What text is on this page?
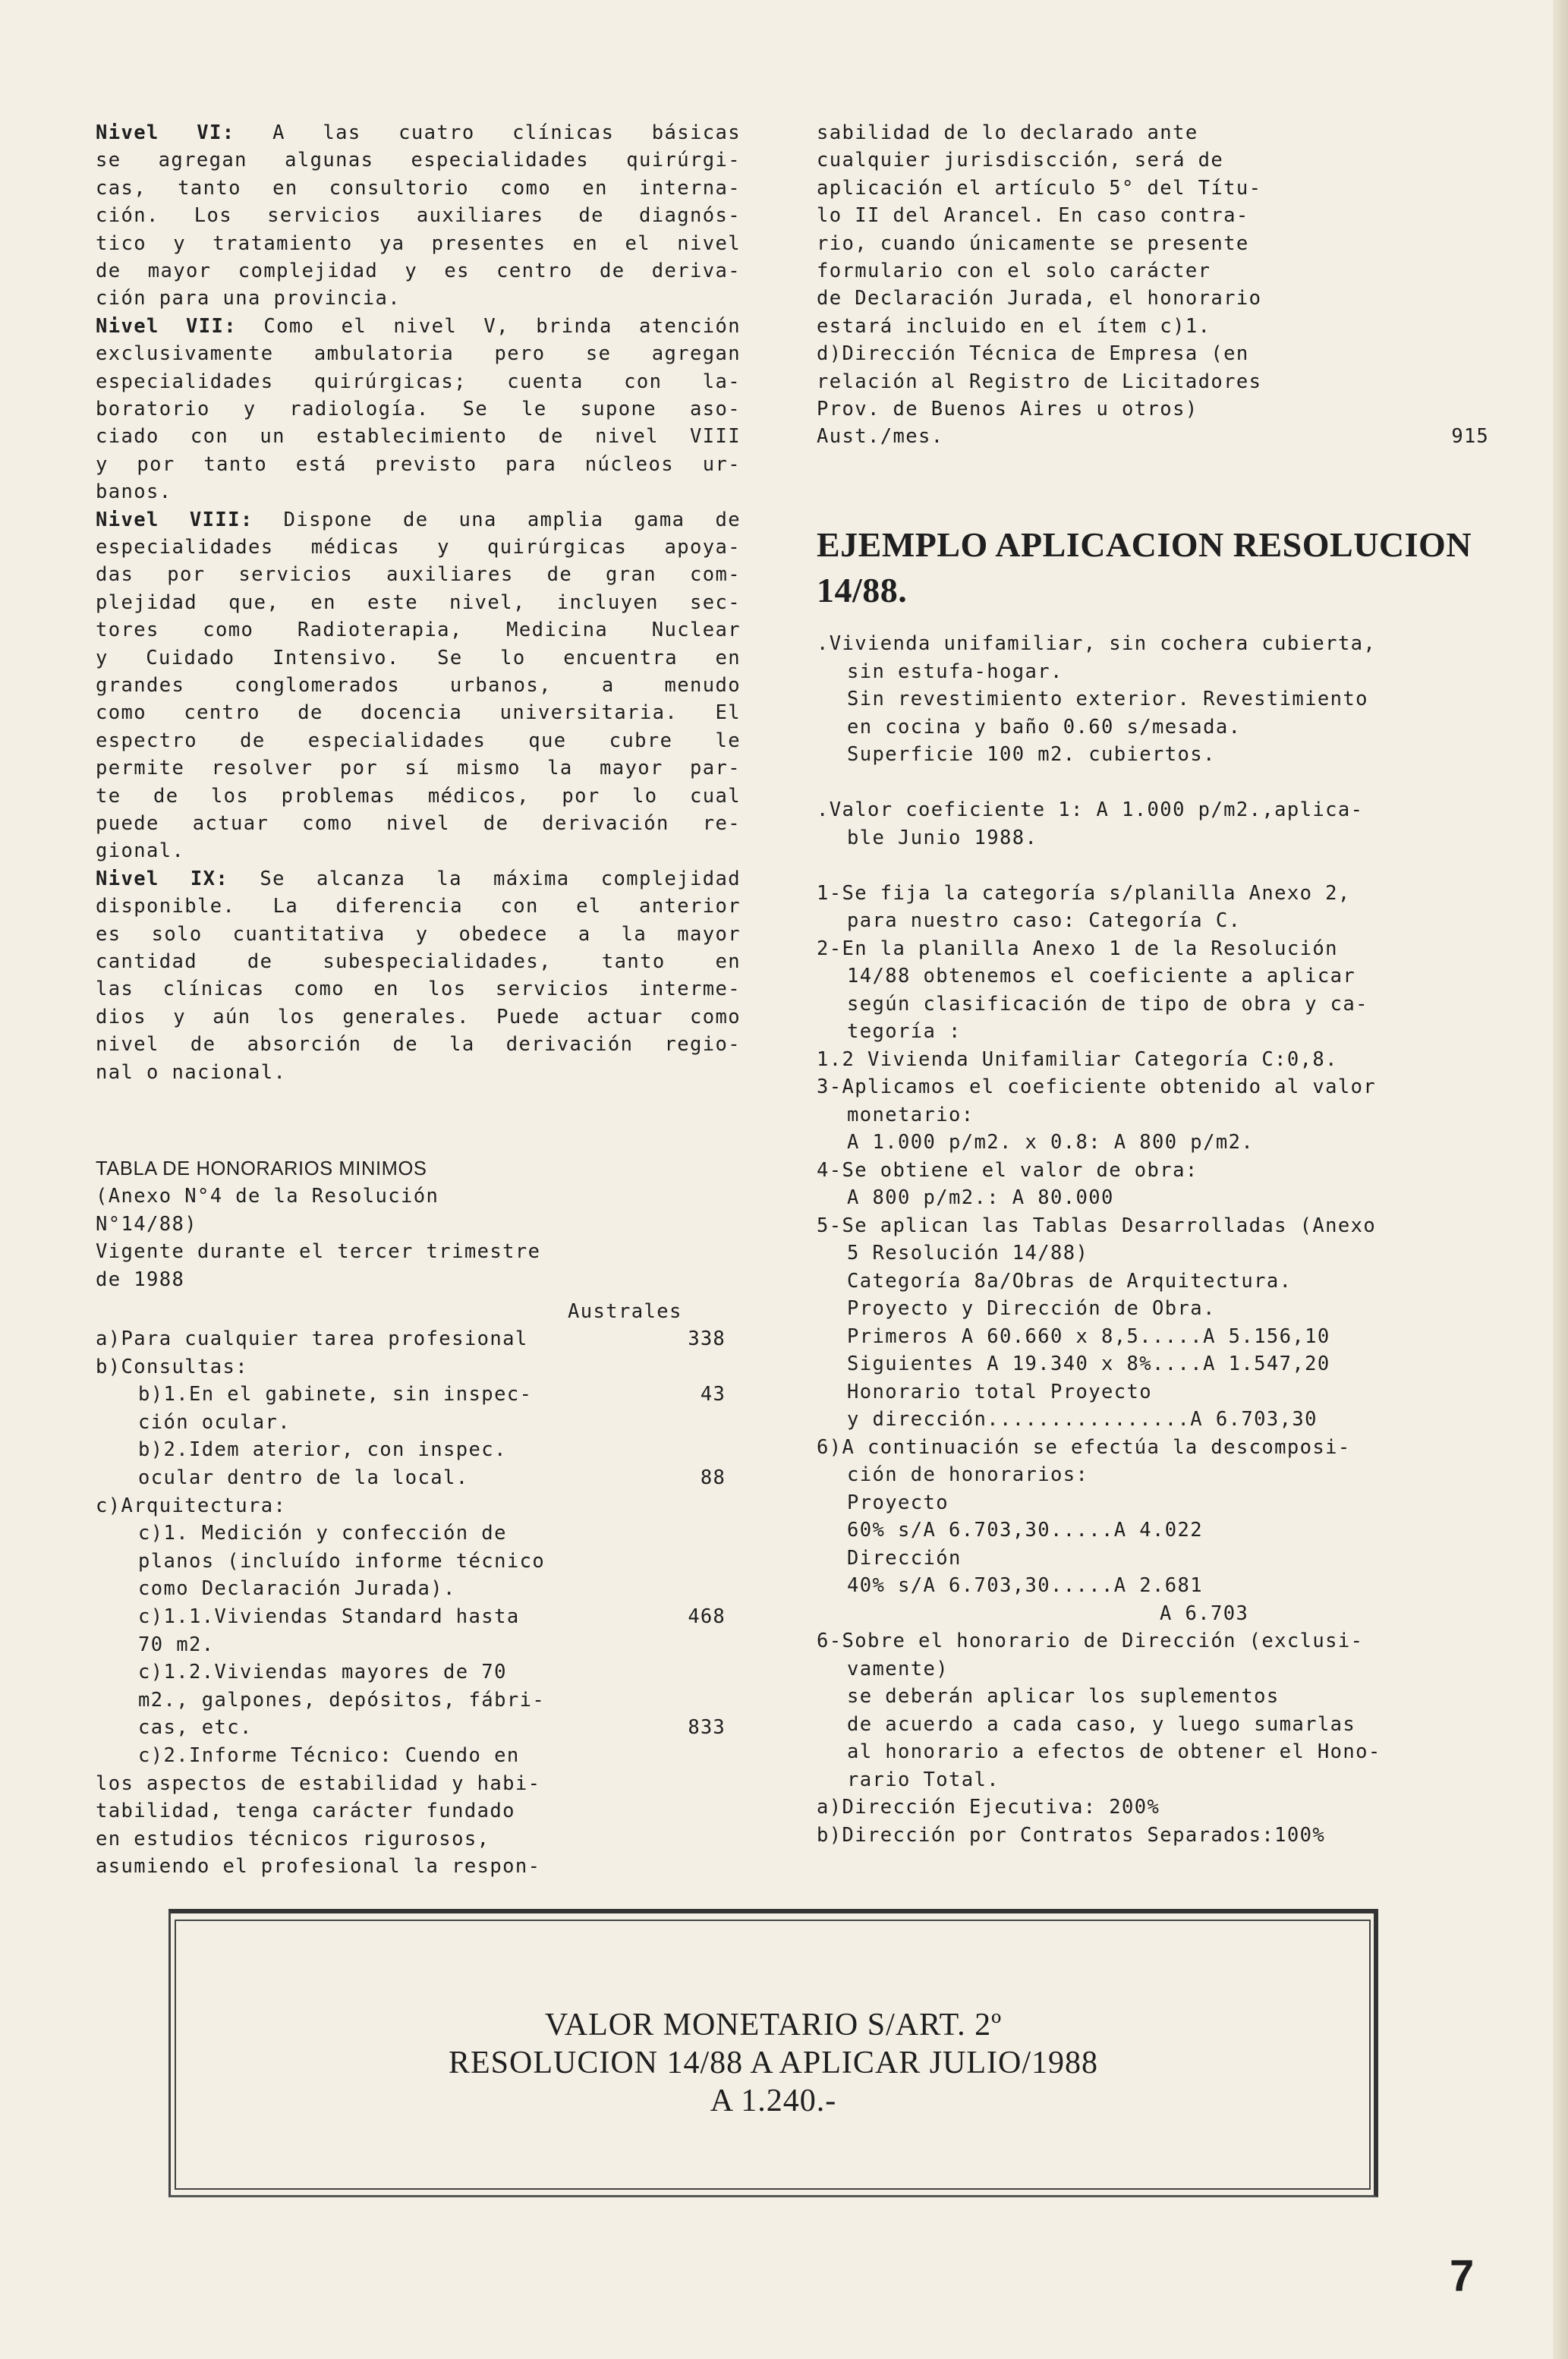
Nivel VI: A las cuatro clínicas básicas
se agregan algunas especialidades quirúrgi-
cas, tanto en consultorio como en interna-
ción. Los servicios auxiliares de diagnós-
tico y tratamiento ya presentes en el nivel
de mayor complejidad y es centro de deriva-
ción para una provincia.
Nivel VII: Como el nivel V, brinda atención
exclusivamente ambulatoria pero se agregan
especialidades quirúrgicas; cuenta con la-
boratorio y radiología. Se le supone aso-
ciado con un establecimiento de nivel VIII
y por tanto está previsto para núcleos ur-
banos.
Nivel VIII: Dispone de una amplia gama de
especialidades médicas y quirúrgicas apoya-
das por servicios auxiliares de gran com-
plejidad que, en este nivel, incluyen sec-
tores como Radioterapia, Medicina Nuclear
y Cuidado Intensivo. Se lo encuentra en
grandes conglomerados urbanos, a menudo
como centro de docencia universitaria. El
espectro de especialidades que cubre le
permite resolver por sí mismo la mayor par-
te de los problemas médicos, por lo cual
puede actuar como nivel de derivación re-
gional.
Nivel IX: Se alcanza la máxima complejidad
disponible. La diferencia con el anterior
es solo cuantitativa y obedece a la mayor
cantidad de subespecialidades, tanto en
las clínicas como en los servicios interme-
dios y aún los generales. Puede actuar como
nivel de absorción de la derivación regio-
nal o nacional.
TABLA DE HONORARIOS MINIMOS
(Anexo N°4 de la Resolución
N°14/88)
Vigente durante el tercer trimestre
de 1988
Australes
a)Para cualquier tarea profesional	338
b)Consultas:
b)1.En el gabinete, sin inspec-	43
ción ocular.
b)2.Idem aterior, con inspec.
ocular dentro de la local.	88
c)Arquitectura:
c)1. Medición y confección de
planos (incluído informe técnico
como Declaración Jurada).
c)1.1.Viviendas Standard hasta	468
70 m2.
c)1.2.Viviendas mayores de 70
m2., galpones, depósitos, fábri-
cas, etc.	833
c)2.Informe Técnico: Cuendo en
los aspectos de estabilidad y habi-
tabilidad, tenga carácter fundado
en estudios técnicos rigurosos,
asumiendo el profesional la respon-
sabilidad de lo declarado ante
cualquier jurisdiscción, será de
aplicación el artículo 5° del Títu-
lo II del Arancel. En caso contra-
rio, cuando únicamente se presente
formulario con el solo carácter
de Declaración Jurada, el honorario
estará incluido en el ítem c)1.
d)Dirección Técnica de Empresa (en
relación al Registro de Licitadores
Prov. de Buenos Aires u otros)
Aust./mes.	915
EJEMPLO APLICACION RESOLUCION
14/88.
.Vivienda unifamiliar, sin cochera cubierta,
sin estufa-hogar.
Sin revestimiento exterior. Revestimiento
en cocina y baño 0.60 s/mesada.
Superficie 100 m2. cubiertos.
.Valor coeficiente 1: A 1.000 p/m2.,aplica-
ble Junio 1988.
1-Se fija la categoría s/planilla Anexo 2,
para nuestro caso: Categoría C.
2-En la planilla Anexo 1 de la Resolución
14/88 obtenemos el coeficiente a aplicar
según clasificación de tipo de obra y ca-
tegoría :
1.2 Vivienda Unifamiliar Categoría C:0,8.
3-Aplicamos el coeficiente obtenido al valor
monetario:
A 1.000 p/m2. x 0.8: A 800 p/m2.
4-Se obtiene el valor de obra:
A 800 p/m2.: A 80.000
5-Se aplican las Tablas Desarrolladas (Anexo
5 Resolución 14/88)
Categoría 8a/Obras de Arquitectura.
Proyecto y Dirección de Obra.
Primeros A 60.660 x 8,5.....A 5.156,10
Siguientes A 19.340 x 8%....A 1.547,20
Honorario total Proyecto
y dirección................A 6.703,30
6)A continuación se efectúa la descomposi-
ción de honorarios:
Proyecto
60% s/A 6.703,30.....A 4.022
Dirección
40% s/A 6.703,30.....A 2.681
A 6.703
6-Sobre el honorario de Dirección (exclusi-
vamente)
se deberán aplicar los suplementos
de acuerdo a cada caso, y luego sumarlas
al honorario a efectos de obtener el Hono-
rario Total.
a)Dirección Ejecutiva: 200%
b)Dirección por Contratos Separados:100%
VALOR MONETARIO S/ART. 2º
RESOLUCION 14/88 A APLICAR JULIO/1988
A 1.240.-
7
